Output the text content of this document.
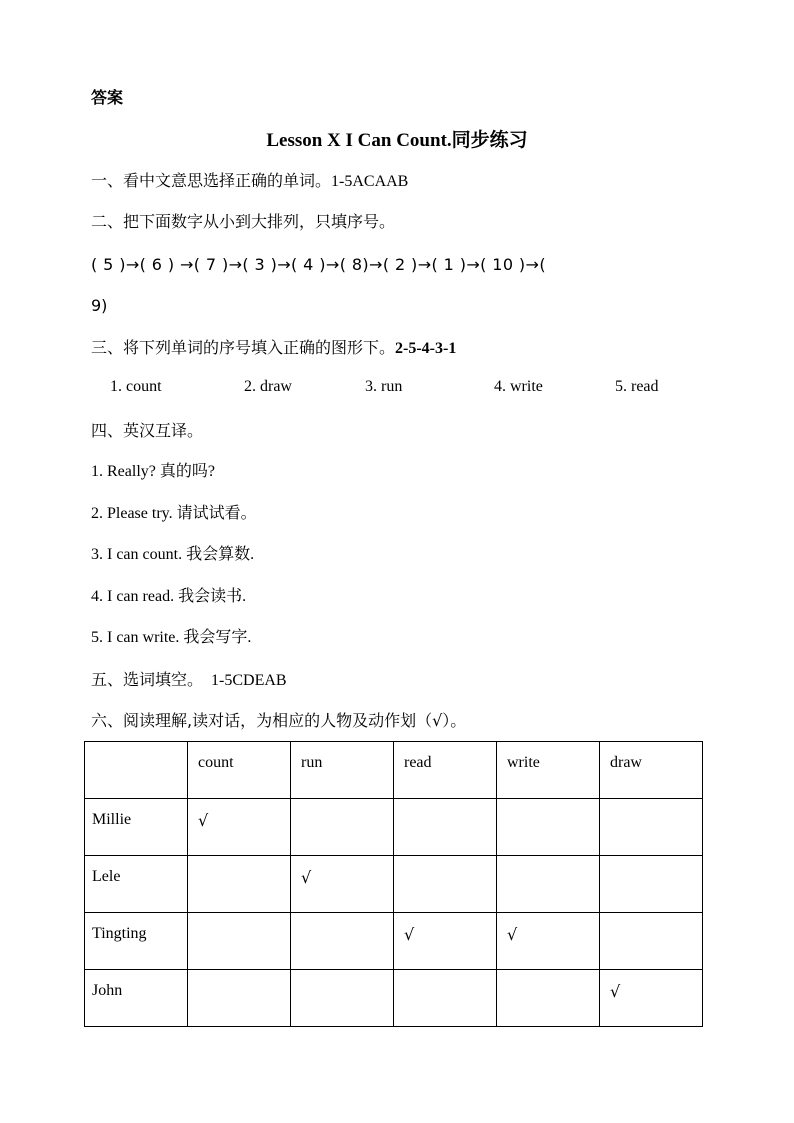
答案
Lesson X I Can Count.同步练习
一、看中文意思选择正确的单词。1-5ACAAB
二、把下面数字从小到大排列，只填序号。
( 5 )→( 6 ) →( 7 )→( 3 )→( 4 )→( 8)→( 2 )→( 1 )→( 10 )→(
9)
三、将下列单词的序号填入正确的图形下。2-5-4-3-1
1. count	2. draw	3. run	4. write	5. read
四、英汉互译。
1. Really? 真的吗?
2. Please try. 请试试看。
3. I can count. 我会算数.
4. I can read. 我会读书.
5. I can write. 我会写字.
五、选词填空。 1-5CDEAB
六、阅读理解,读对话，为相应的人物及动作划（√）。
	count	run	read	write	draw
Millie	√				
Lele		√			
Tingting			√	√	
John					√
